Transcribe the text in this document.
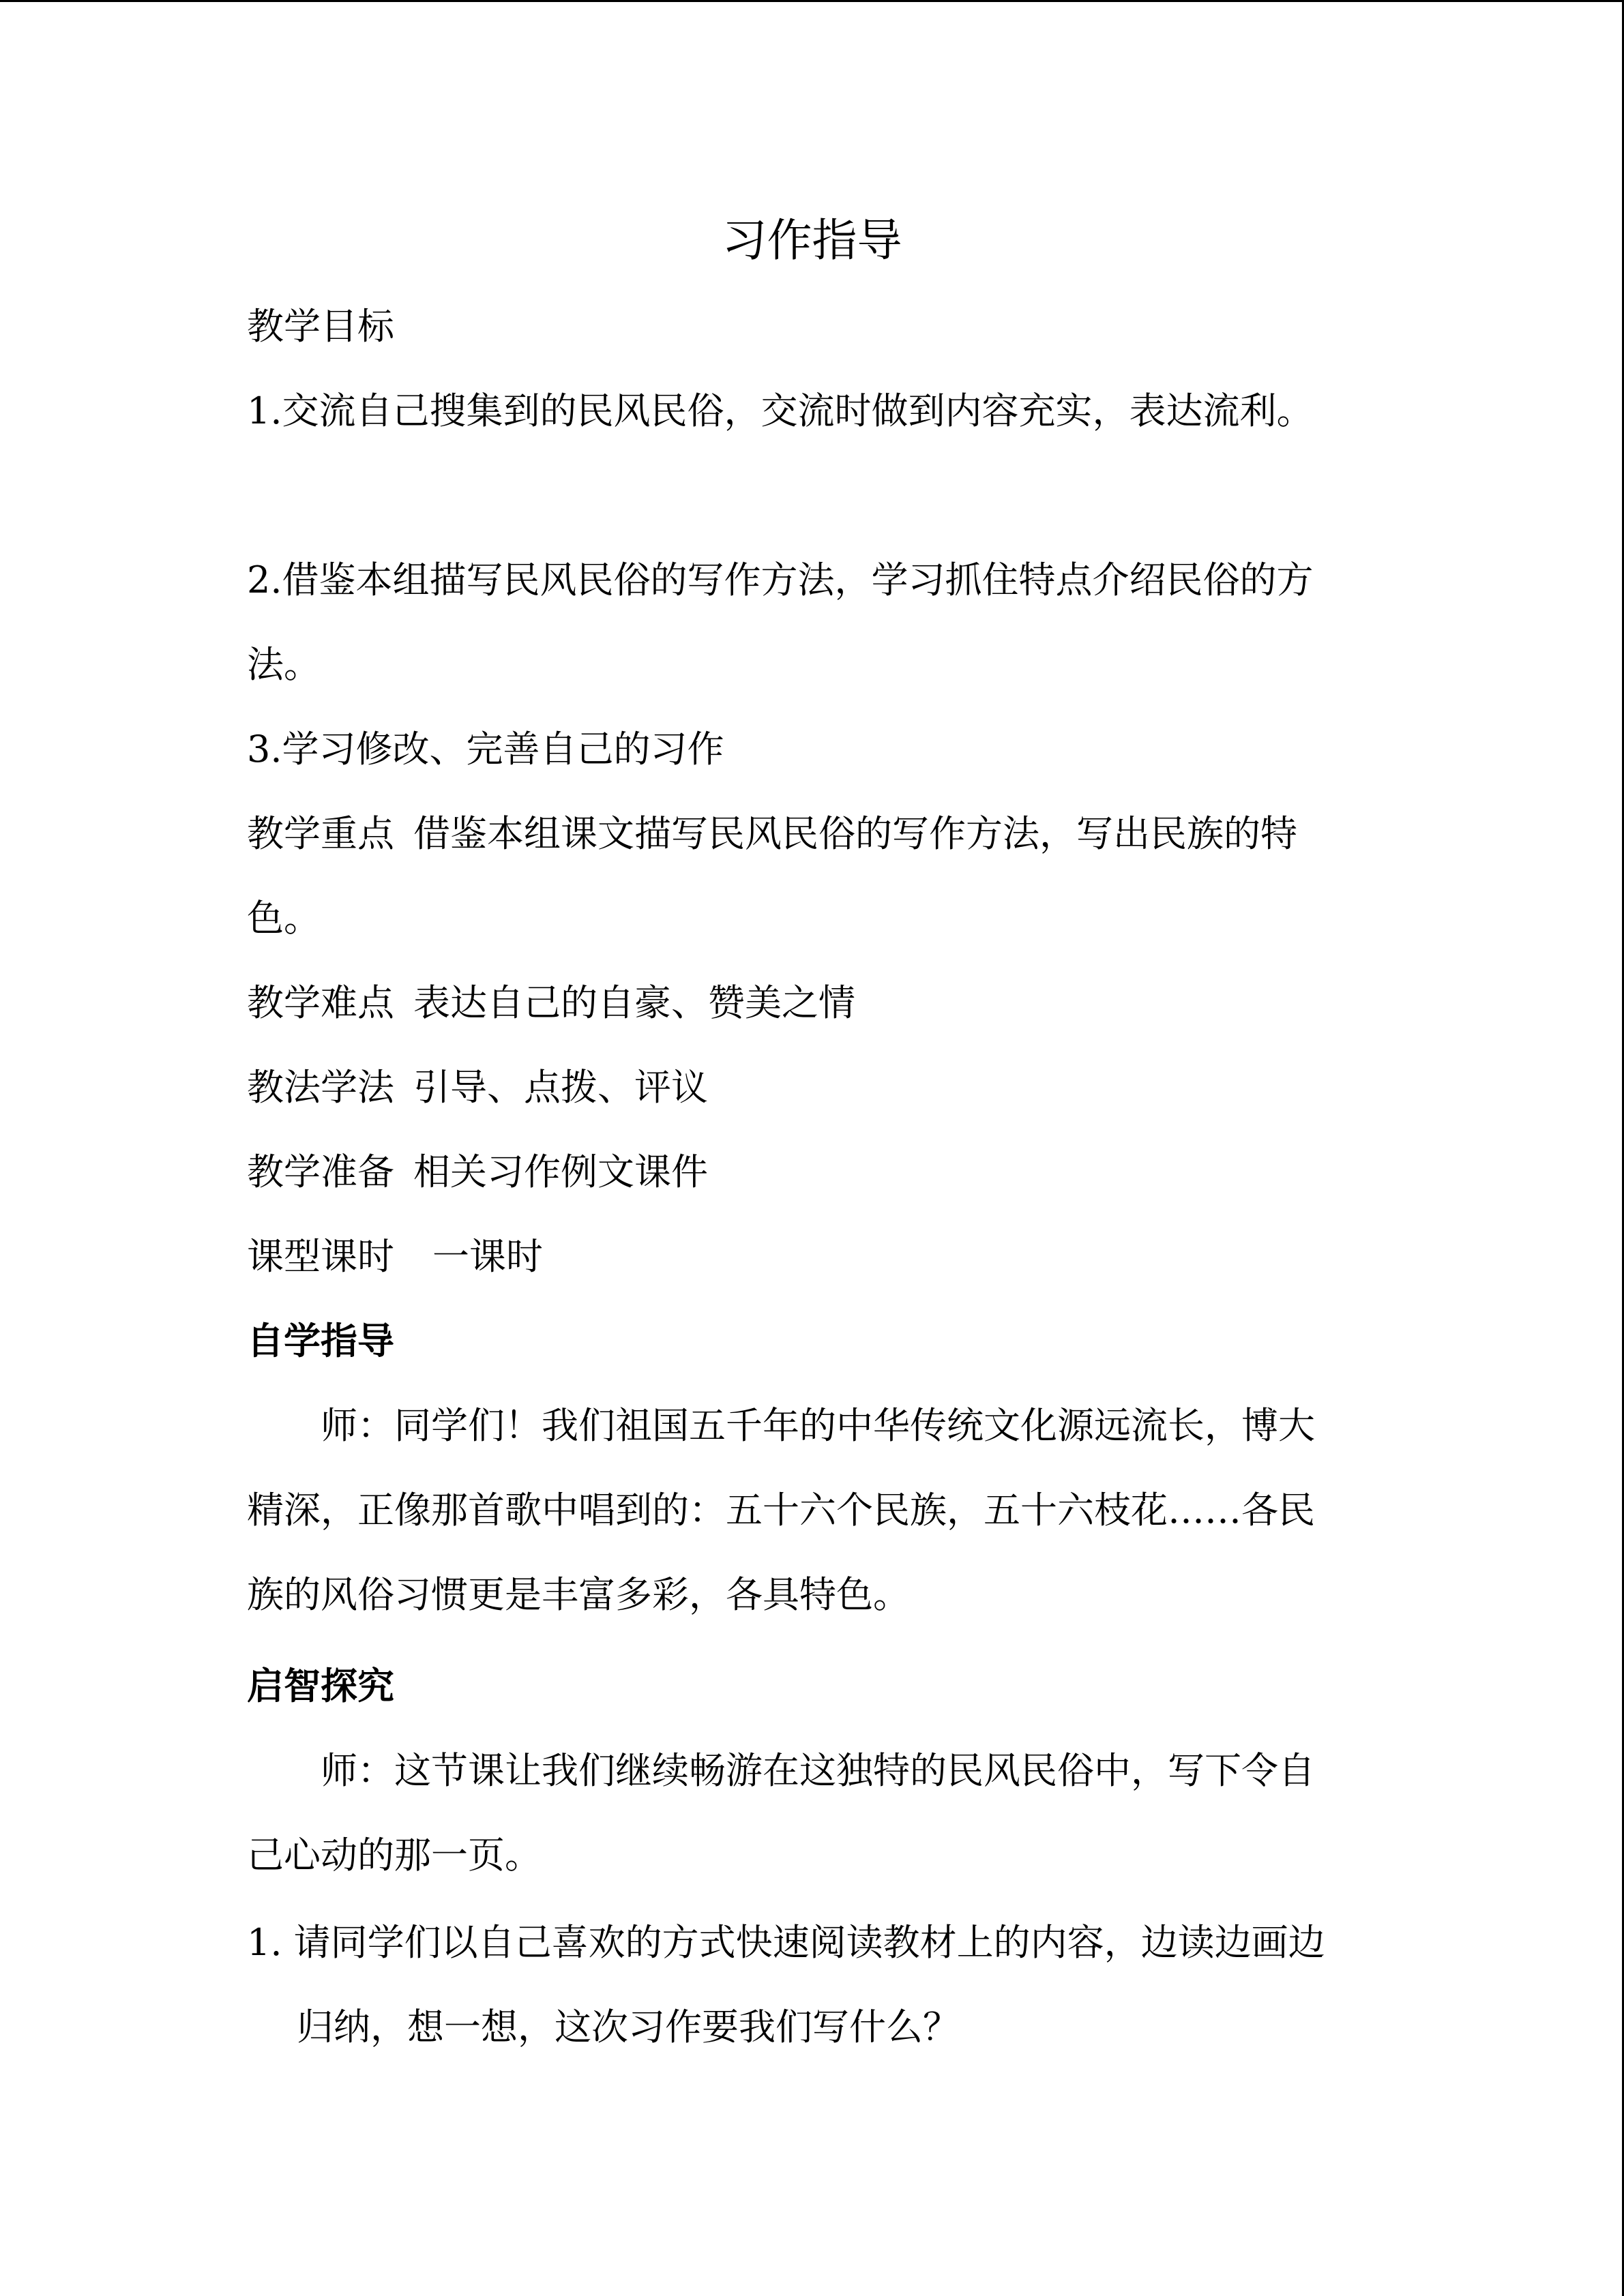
习作指导

教学目标

1.交流自己搜集到的民风民俗，交流时做到内容充实，表达流利。

2.借鉴本组描写民风民俗的写作方法，学习抓住特点介绍民俗的方

法。

3.学习修改、完善自己的习作

教学重点 借鉴本组课文描写民风民俗的写作方法，写出民族的特

色。

教学难点 表达自己的自豪、赞美之情

教法学法 引导、点拨、评议

教学准备 相关习作例文课件

课型课时 一课时

自学指导

师：同学们！我们祖国五千年的中华传统文化源远流长，博大

精深，正像那首歌中唱到的：五十六个民族，五十六枝花……各民

族的风俗习惯更是丰富多彩，各具特色。

启智探究

师：这节课让我们继续畅游在这独特的民风民俗中，写下令自

己心动的那一页。

1. 请同学们以自己喜欢的方式快速阅读教材上的内容，边读边画边

归纳，想一想，这次习作要我们写什么？
